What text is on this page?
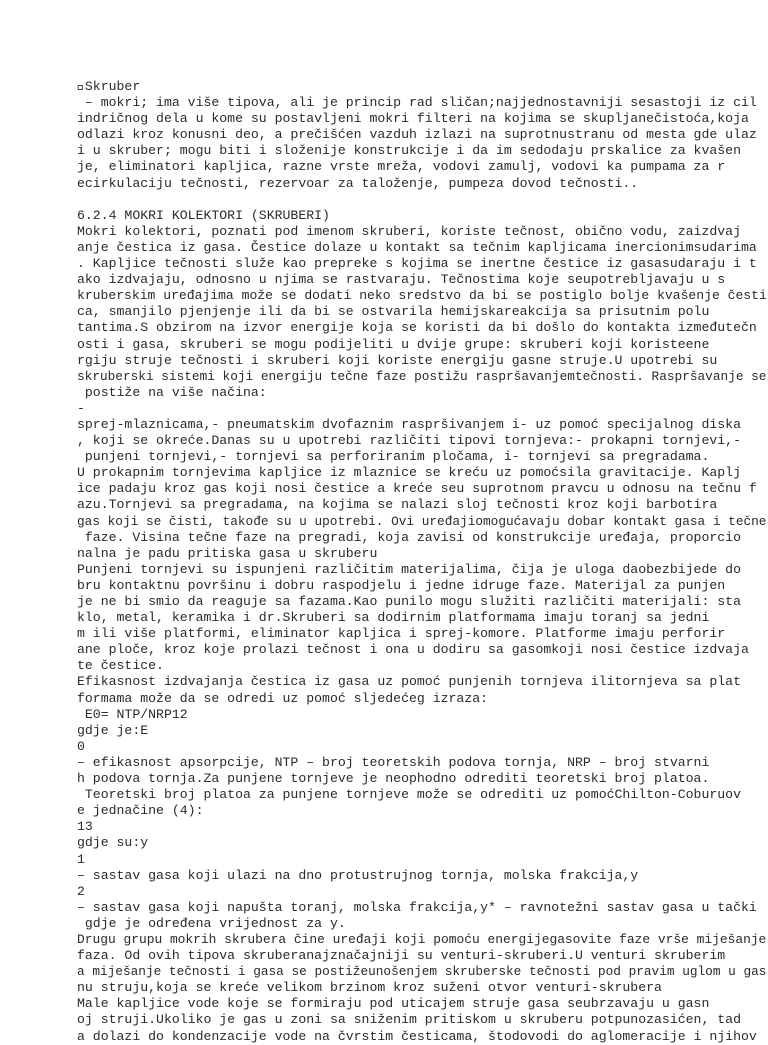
Skruber
– mokri; ima više tipova, ali je princip rad sličan;najjednostavniji sesastoji iz cil
indričnog dela u kome su postavljeni mokri filteri na kojima se skupljanečistoća,koja
odlazi kroz konusni deo, a prečišćen vazduh izlazi na suprotnustranu od mesta gde ulaz
i u skruber; mogu biti i složenije konstrukcije i da im sedodaju prskalice za kvašen
je, eliminatori kapljica, razne vrste mreža, vodovi zamulj, vodovi ka pumpama za r
ecirkulaciju tečnosti, rezervoar za taloženje, pumpeza dovod tečnosti..
6.2.4 MOKRI KOLEKTORI (SKRUBERI)
Mokri kolektori, poznati pod imenom skruberi, koriste tečnost, obično vodu, zaizdvaj
anje čestica iz gasa. Čestice dolaze u kontakt sa tečnim kapljicama inercionimsudarima
. Kapljice tečnosti služe kao prepreke s kojima se inertne čestice iz gasasudaraju i t
ako izdvajaju, odnosno u njima se rastvaraju. Tečnostima koje seupotrebljavaju u s
kruberskim uređajima može se dodati neko sredstvo da bi se postiglo bolje kvašenje česti
ca, smanjilo pjenjenje ili da bi se ostvarila hemijskareakcija sa prisutnim polu
tantima.S obzirom na izvor energije koja se koristi da bi došlo do kontakta izmeđutečn
osti i gasa, skruberi se mogu podijeliti u dvije grupe: skruberi koji koristeene
rgiju struje tečnosti i skruberi koji koriste energiju gasne struje.U upotrebi su
skruberski sistemi koji energiju tečne faze postižu raspršavanjemtečnosti. Raspršavanje se
postiže na više načina:
-
sprej-mlaznicama,- pneumatskim dvofaznim raspršivanjem i- uz pomoć specijalnog diska
, koji se okreće.Danas su u upotrebi različiti tipovi tornjeva:- prokapni tornjevi,-
punjeni tornjevi,- tornjevi sa perforiranim pločama, i- tornjevi sa pregradama.
U prokapnim tornjevima kapljice iz mlaznice se kreću uz pomoćsila gravitacije. Kaplj
ice padaju kroz gas koji nosi čestice a kreće seu suprotnom pravcu u odnosu na tečnu f
azu.Tornjevi sa pregradama, na kojima se nalazi sloj tečnosti kroz koji barbotira
gas koji se čisti, takođe su u upotrebi. Ovi uređajiomogućavaju dobar kontakt gasa i tečne
faze. Visina tečne faze na pregradi, koja zavisi od konstrukcije uređaja, proporcio
nalna je padu pritiska gasa u skruberu
Punjeni tornjevi su ispunjeni različitim materijalima, čija je uloga daobezbijede do
bru kontaktnu površinu i dobru raspodjelu i jedne idruge faze. Materijal za punjen
je ne bi smio da reaguje sa fazama.Kao punilo mogu služiti različiti materijali: sta
klo, metal, keramika i dr.Skruberi sa dodirnim platformama imaju toranj sa jedni
m ili više platformi, eliminator kapljica i sprej-komore. Platforme imaju perforir
ane ploče, kroz koje prolazi tečnost i ona u dodiru sa gasomkoji nosi čestice izdvaja
te čestice.
Efikasnost izdvajanja čestica iz gasa uz pomoć punjenih tornjeva ilitornjeva sa plat
formama može da se odredi uz pomoć sljedećeg izraza:
E0= NTP/NRP12
gdje je:E
0
– efikasnost apsorpcije, NTP – broj teoretskih podova tornja, NRP – broj stvarni
h podova tornja.Za punjene tornjeve je neophodno odrediti teoretski broj platoa.
Teoretski broj platoa za punjene tornjeve može se odrediti uz pomoćChilton-Coburuov
e jednačine (4):
13
gdje su:y
1
– sastav gasa koji ulazi na dno protustrujnog tornja, molska frakcija,y
2
– sastav gasa koji napušta toranj, molska frakcija,y* – ravnotežni sastav gasa u tački
gdje je određena vrijednost za y.
Drugu grupu mokrih skrubera čine uređaji koji pomoću energijegasovite faze vrše miješanje
faza. Od ovih tipova skruberanajznačajniji su venturi-skruberi.U venturi skruberim
a miješanje tečnosti i gasa se postižeunošenjem skruberske tečnosti pod pravim uglom u gas
nu struju,koja se kreće velikom brzinom kroz suženi otvor venturi-skrubera
Male kapljice vode koje se formiraju pod uticajem struje gasa seubrzavaju u gasn
oj struji.Ukoliko je gas u zoni sa sniženim pritiskom u skruberu potpunozasićen, tad
a dolazi do kondenzacije vode na čvrstim česticama, štodovodi do aglomeracije i njihov
